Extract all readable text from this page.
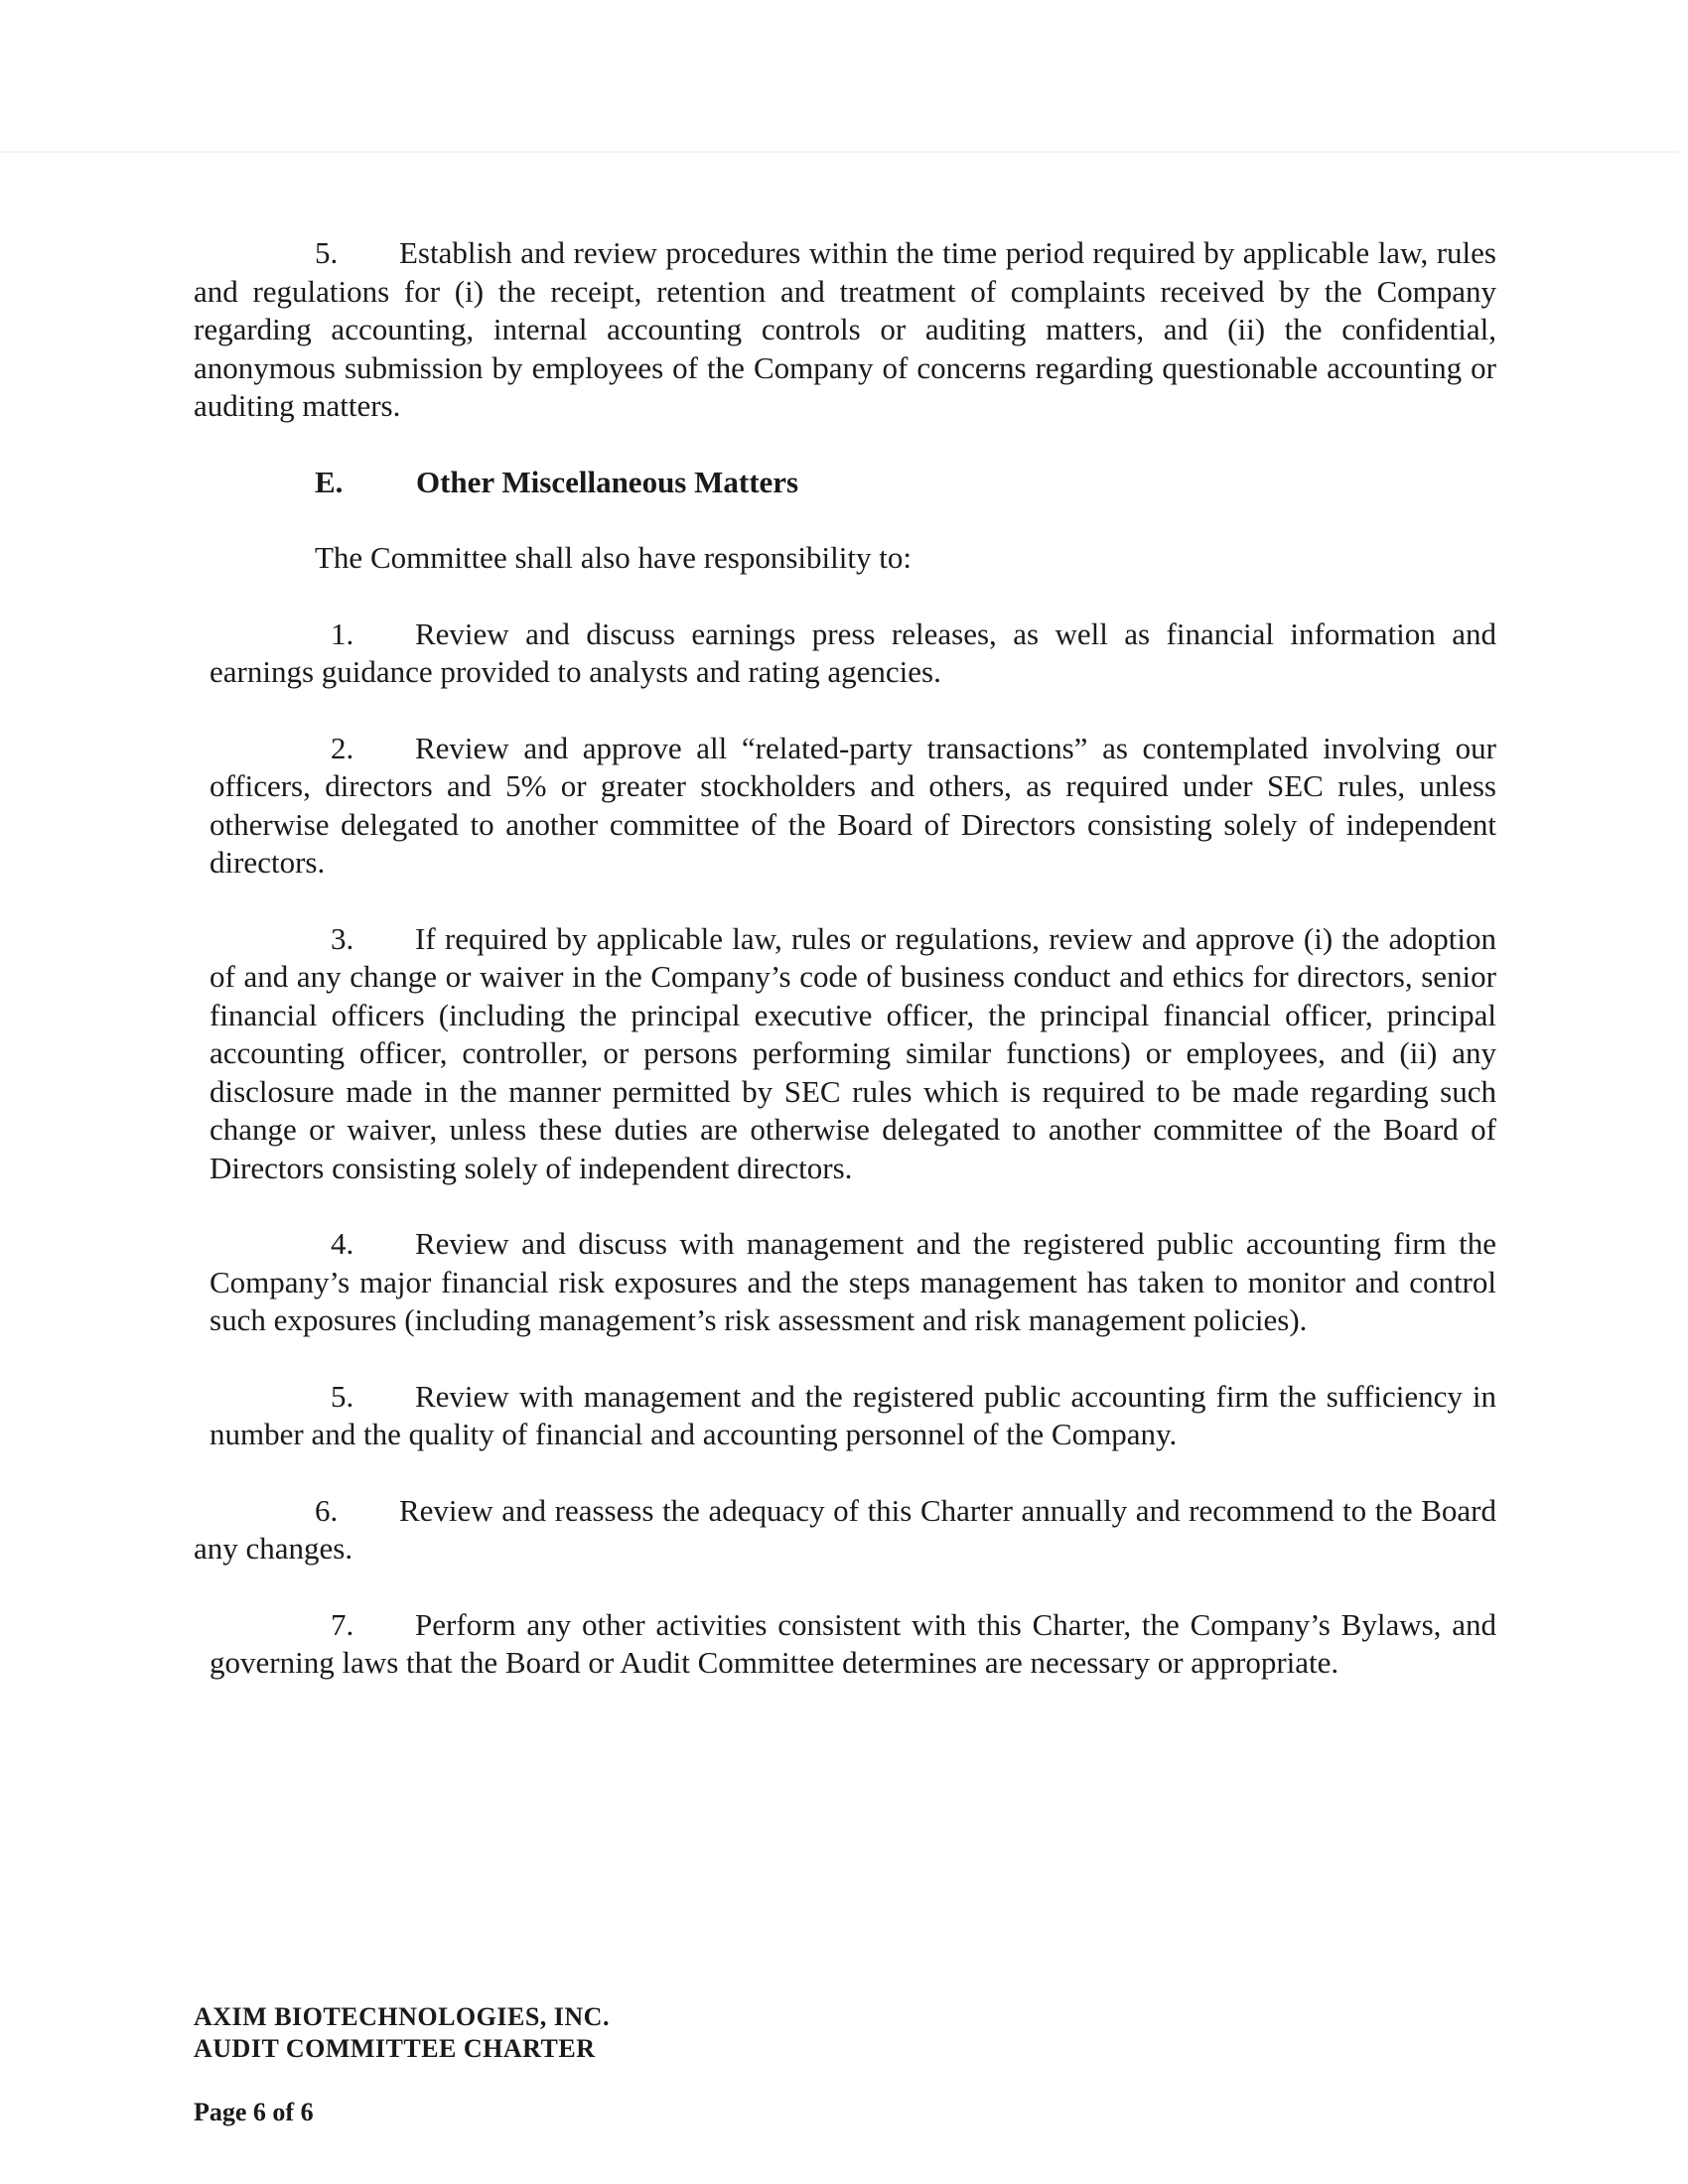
5. Establish and review procedures within the time period required by applicable law, rules and regulations for (i) the receipt, retention and treatment of complaints received by the Company regarding accounting, internal accounting controls or auditing matters, and (ii) the confidential, anonymous submission by employees of the Company of concerns regarding questionable accounting or auditing matters.

E. Other Miscellaneous Matters
The Committee shall also have responsibility to:

1. Review and discuss earnings press releases, as well as financial information and earnings guidance provided to analysts and rating agencies.

2. Review and approve all “related-party transactions” as contemplated involving our officers, directors and 5% or greater stockholders and others, as required under SEC rules, unless otherwise delegated to another committee of the Board of Directors consisting solely of independent directors.

3. If required by applicable law, rules or regulations, review and approve (i) the adoption of and any change or waiver in the Company’s code of business conduct and ethics for directors, senior financial officers (including the principal executive officer, the principal financial officer, principal accounting officer, controller, or persons performing similar functions) or employees, and (ii) any disclosure made in the manner permitted by SEC rules which is required to be made regarding such change or waiver, unless these duties are otherwise delegated to another committee of the Board of Directors consisting solely of independent directors.

4. Review and discuss with management and the registered public accounting firm the Company’s major financial risk exposures and the steps management has taken to monitor and control such exposures (including management’s risk assessment and risk management policies).

5. Review with management and the registered public accounting firm the sufficiency in number and the quality of financial and accounting personnel of the Company.

6. Review and reassess the adequacy of this Charter annually and recommend to the Board any changes.

7. Perform any other activities consistent with this Charter, the Company’s Bylaws, and governing laws that the Board or Audit Committee determines are necessary or appropriate.

AXIM BIOTECHNOLOGIES, INC.
AUDIT COMMITTEE CHARTER
Page 6 of 6
